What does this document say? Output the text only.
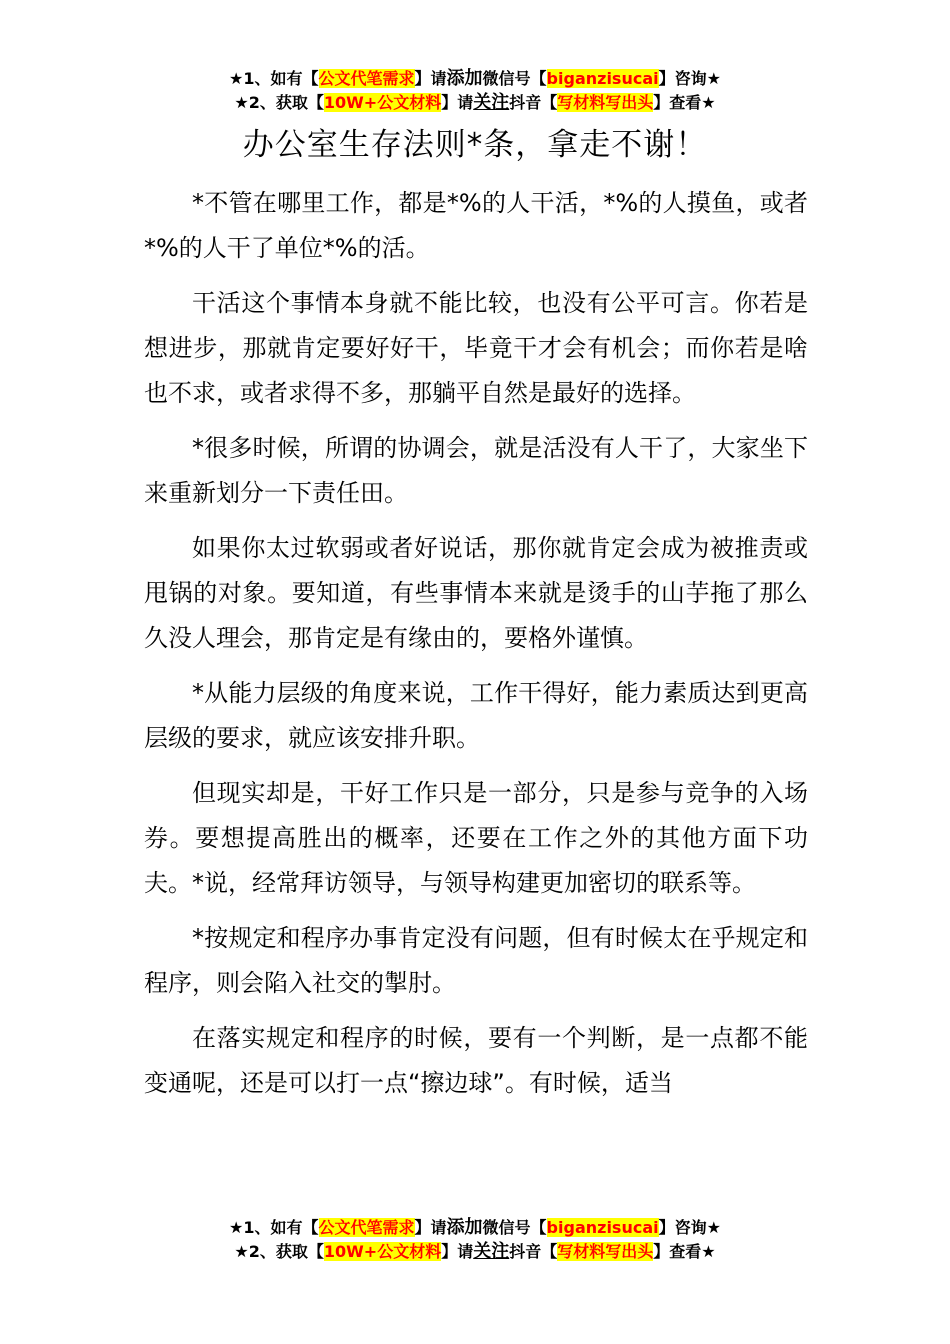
★1、如有【公文代笔需求】请添加微信号【biganzisucai】咨询★
★2、获取【10W+公文材料】请关注抖音【写材料写出头】查看★
办公室生存法则*条，拿走不谢！

*不管在哪里工作，都是*%的人干活，*%的人摸鱼，或者*%的人干了单位*%的活。

干活这个事情本身就不能比较，也没有公平可言。你若是想进步，那就肯定要好好干，毕竟干才会有机会；而你若是啥也不求，或者求得不多，那躺平自然是最好的选择。

*很多时候，所谓的协调会，就是活没有人干了，大家坐下来重新划分一下责任田。

如果你太过软弱或者好说话，那你就肯定会成为被推责或甩锅的对象。要知道，有些事情本来就是烫手的山芋拖了那么久没人理会，那肯定是有缘由的，要格外谨慎。

*从能力层级的角度来说，工作干得好，能力素质达到更高层级的要求，就应该安排升职。

但现实却是，干好工作只是一部分，只是参与竞争的入场券。要想提高胜出的概率，还要在工作之外的其他方面下功夫。*说，经常拜访领导，与领导构建更加密切的联系等。

*按规定和程序办事肯定没有问题，但有时候太在乎规定和程序，则会陷入社交的掣肘。

在落实规定和程序的时候，要有一个判断，是一点都不能变通呢，还是可以打一点“擦边球”。有时候，适当

★1、如有【公文代笔需求】请添加微信号【biganzisucai】咨询★
★2、获取【10W+公文材料】请关注抖音【写材料写出头】查看★
